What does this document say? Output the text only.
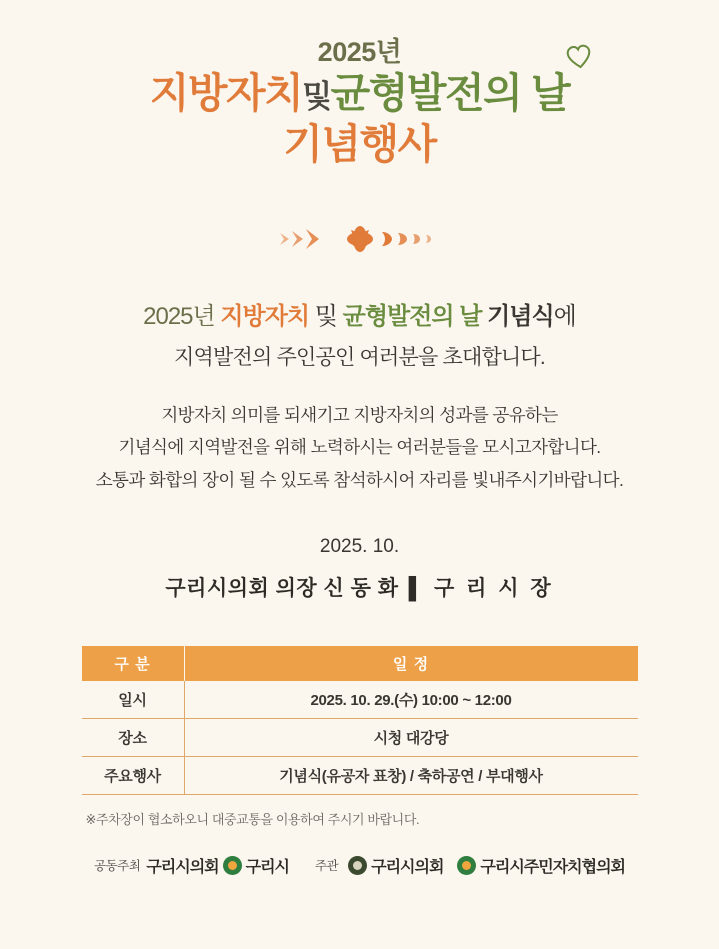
2025년
지방자치및균형발전의 날
기념행사
2025년 지방자치 및 균형발전의 날 기념식에
지역발전의 주인공인 여러분을 초대합니다.
지방자치 의미를 되새기고 지방자치의 성과를 공유하는
기념식에 지역발전을 위해 노력하시는 여러분들을 모시고자합니다.
소통과 화합의 장이 될 수 있도록 참석하시어 자리를 빛내주시기바랍니다.
2025. 10.
구리시의회 의장 신 동 화 ▌ 구 리 시 장
구 분	일 정
일시	2025. 10. 29.(수) 10:00 ~ 12:00
장소	시청 대강당
주요행사	기념식(유공자 표창) / 축하공연 / 부대행사
※주차장이 협소하오니 대중교통을 이용하여 주시기 바랍니다.
공동주최 구리시의회 구리시 주관 구리시의회 구리시주민자치협의회
